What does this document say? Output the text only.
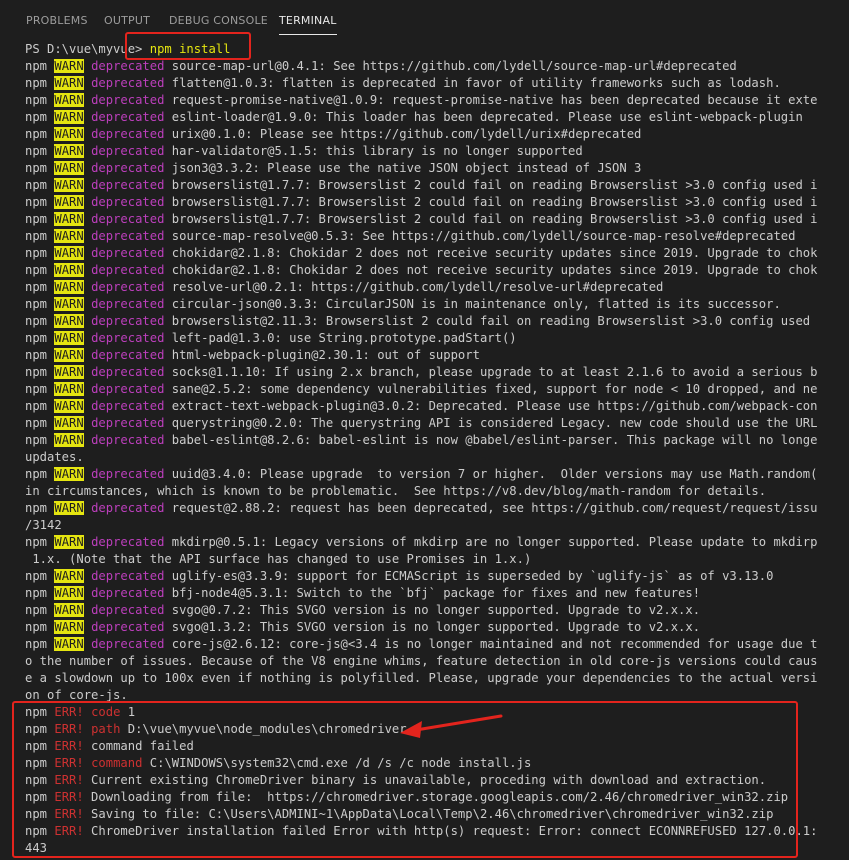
PROBLEMS OUTPUT DEBUG CONSOLE TERMINAL
PS D:\vue\myvue> npm install
npm WARN deprecated source-map-url@0.4.1: See https://github.com/lydell/source-map-url#deprecated
npm WARN deprecated flatten@1.0.3: flatten is deprecated in favor of utility frameworks such as lodash.
npm WARN deprecated request-promise-native@1.0.9: request-promise-native has been deprecated because it exte
npm WARN deprecated eslint-loader@1.9.0: This loader has been deprecated. Please use eslint-webpack-plugin
npm WARN deprecated urix@0.1.0: Please see https://github.com/lydell/urix#deprecated
npm WARN deprecated har-validator@5.1.5: this library is no longer supported
npm WARN deprecated json3@3.3.2: Please use the native JSON object instead of JSON 3
npm WARN deprecated browserslist@1.7.7: Browserslist 2 could fail on reading Browserslist >3.0 config used i
npm WARN deprecated browserslist@1.7.7: Browserslist 2 could fail on reading Browserslist >3.0 config used i
npm WARN deprecated browserslist@1.7.7: Browserslist 2 could fail on reading Browserslist >3.0 config used i
npm WARN deprecated source-map-resolve@0.5.3: See https://github.com/lydell/source-map-resolve#deprecated
npm WARN deprecated chokidar@2.1.8: Chokidar 2 does not receive security updates since 2019. Upgrade to chok
npm WARN deprecated chokidar@2.1.8: Chokidar 2 does not receive security updates since 2019. Upgrade to chok
npm WARN deprecated resolve-url@0.2.1: https://github.com/lydell/resolve-url#deprecated
npm WARN deprecated circular-json@0.3.3: CircularJSON is in maintenance only, flatted is its successor.
npm WARN deprecated browserslist@2.11.3: Browserslist 2 could fail on reading Browserslist >3.0 config used
npm WARN deprecated left-pad@1.3.0: use String.prototype.padStart()
npm WARN deprecated html-webpack-plugin@2.30.1: out of support
npm WARN deprecated socks@1.1.10: If using 2.x branch, please upgrade to at least 2.1.6 to avoid a serious b
npm WARN deprecated sane@2.5.2: some dependency vulnerabilities fixed, support for node < 10 dropped, and ne
npm WARN deprecated extract-text-webpack-plugin@3.0.2: Deprecated. Please use https://github.com/webpack-con
npm WARN deprecated querystring@0.2.0: The querystring API is considered Legacy. new code should use the URL
npm WARN deprecated babel-eslint@8.2.6: babel-eslint is now @babel/eslint-parser. This package will no longe
updates.
npm WARN deprecated uuid@3.4.0: Please upgrade  to version 7 or higher.  Older versions may use Math.random(
in circumstances, which is known to be problematic.  See https://v8.dev/blog/math-random for details.
npm WARN deprecated request@2.88.2: request has been deprecated, see https://github.com/request/request/issu
/3142
npm WARN deprecated mkdirp@0.5.1: Legacy versions of mkdirp are no longer supported. Please update to mkdirp
1.x. (Note that the API surface has changed to use Promises in 1.x.)
npm WARN deprecated uglify-es@3.3.9: support for ECMAScript is superseded by `uglify-js` as of v3.13.0
npm WARN deprecated bfj-node4@5.3.1: Switch to the `bfj` package for fixes and new features!
npm WARN deprecated svgo@0.7.2: This SVGO version is no longer supported. Upgrade to v2.x.x.
npm WARN deprecated svgo@1.3.2: This SVGO version is no longer supported. Upgrade to v2.x.x.
npm WARN deprecated core-js@2.6.12: core-js@<3.4 is no longer maintained and not recommended for usage due t
o the number of issues. Because of the V8 engine whims, feature detection in old core-js versions could caus
e a slowdown up to 100x even if nothing is polyfilled. Please, upgrade your dependencies to the actual versi
on of core-js.
npm ERR! code 1
npm ERR! path D:\vue\myvue\node_modules\chromedriver
npm ERR! command failed
npm ERR! command C:\WINDOWS\system32\cmd.exe /d /s /c node install.js
npm ERR! Current existing ChromeDriver binary is unavailable, proceding with download and extraction.
npm ERR! Downloading from file:  https://chromedriver.storage.googleapis.com/2.46/chromedriver_win32.zip
npm ERR! Saving to file: C:\Users\ADMINI~1\AppData\Local\Temp\2.46\chromedriver\chromedriver_win32.zip
npm ERR! ChromeDriver installation failed Error with http(s) request: Error: connect ECONNREFUSED 127.0.0.1:
443
